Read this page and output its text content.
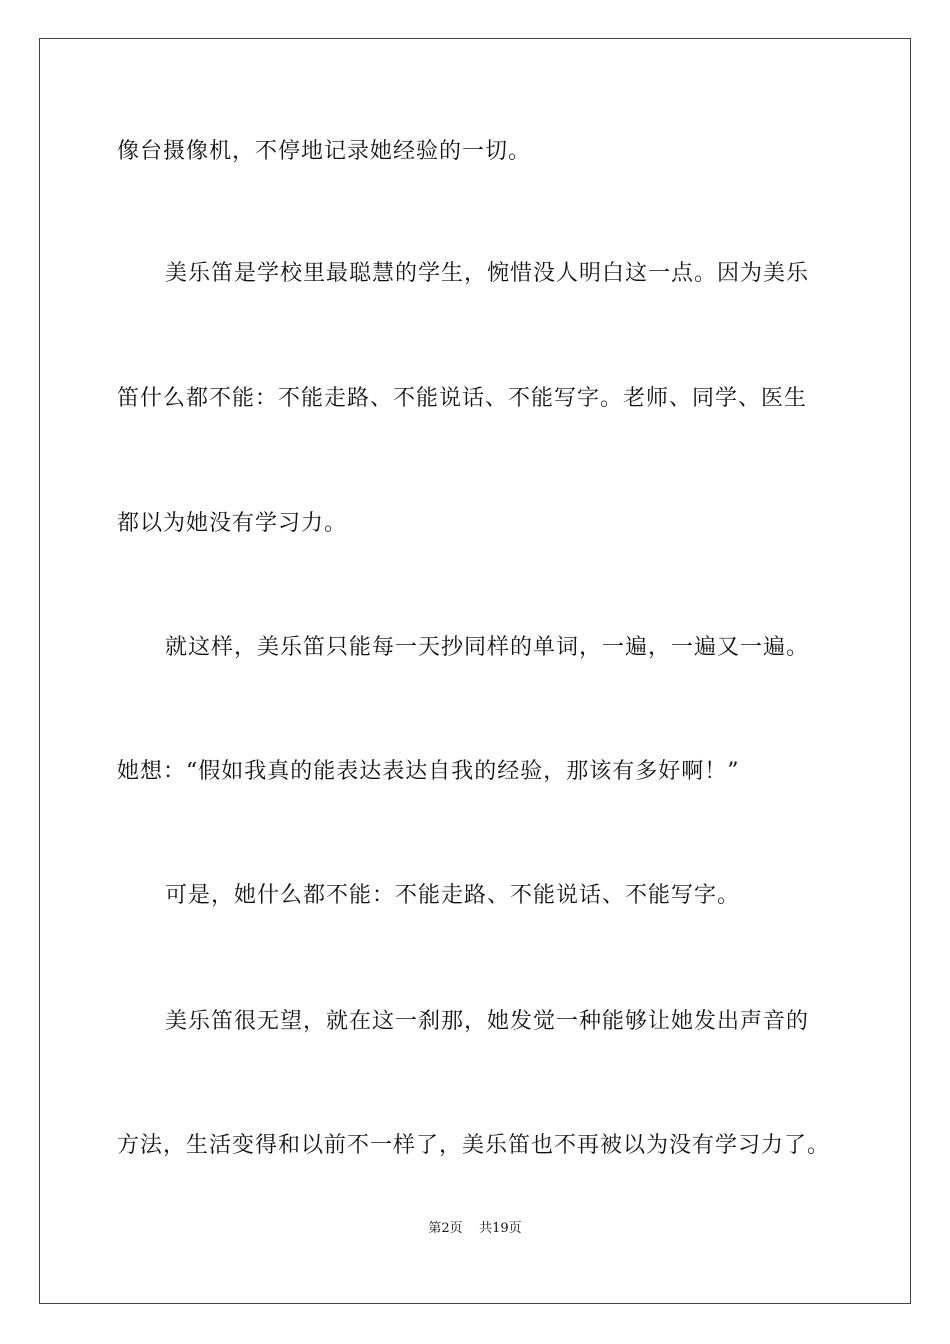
像台摄像机，不停地记录她经验的一切。
美乐笛是学校里最聪慧的学生，惋惜没人明白这一点。因为美乐
笛什么都不能：不能走路、不能说话、不能写字。老师、同学、医生
都以为她没有学习力。
就这样，美乐笛只能每一天抄同样的单词，一遍，一遍又一遍。
她想：“假如我真的能表达表达自我的经验，那该有多好啊！”
可是，她什么都不能：不能走路、不能说话、不能写字。
美乐笛很无望，就在这一刹那，她发觉一种能够让她发出声音的
方法，生活变得和以前不一样了，美乐笛也不再被以为没有学习力了。
第2页    共19页
